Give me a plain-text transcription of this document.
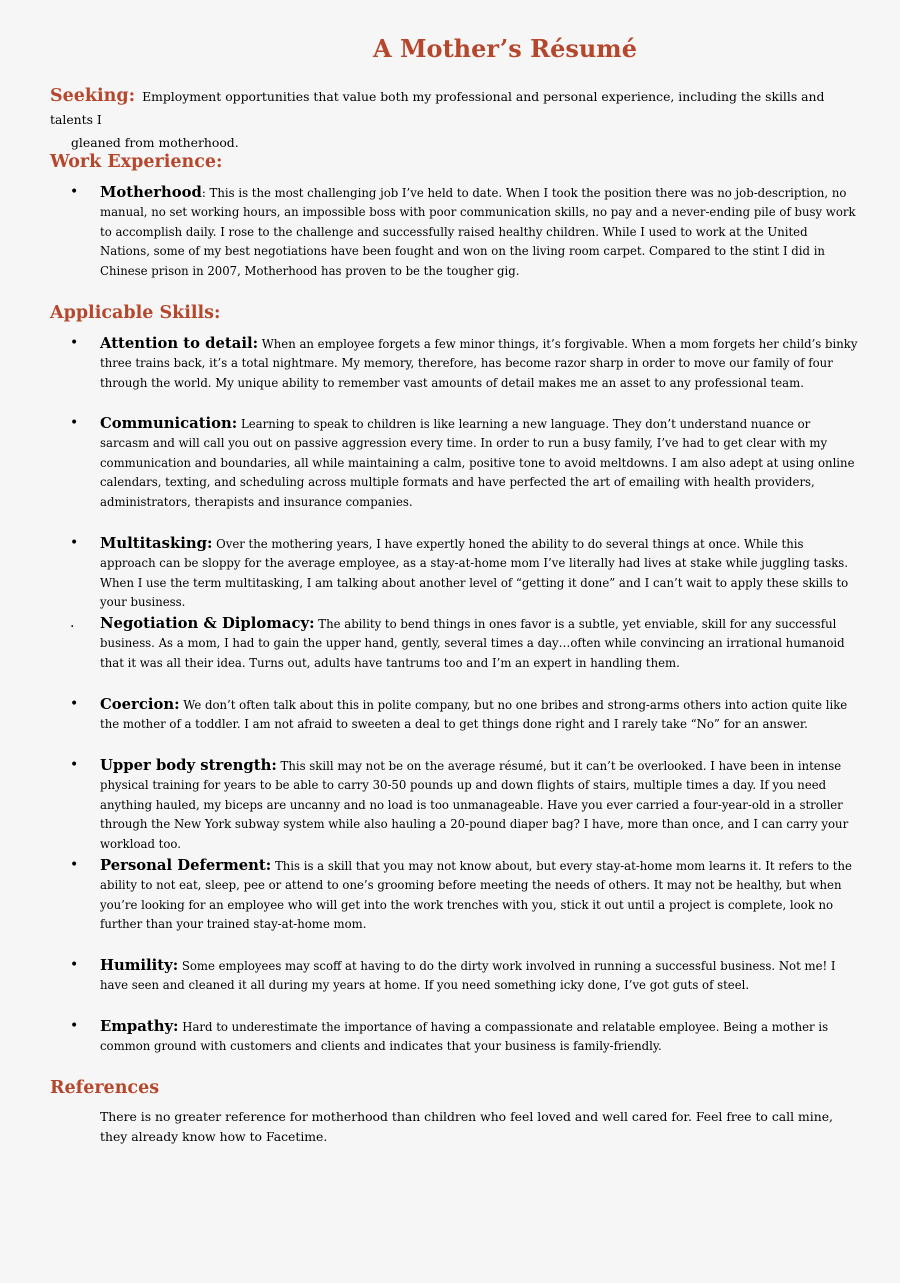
A Mother’s Résumé

Seeking: Employment opportunities that value both my professional and personal experience, including the skills and talents I
gleaned from motherhood.

Work Experience:

• Motherhood: This is the most challenging job I’ve held to date. When I took the position there was no job-description, no manual, no set working hours, an impossible boss with poor communication skills, no pay and a never-ending pile of busy work to accomplish daily. I rose to the challenge and successfully raised healthy children. While I used to work at the United Nations, some of my best negotiations have been fought and won on the living room carpet. Compared to the stint I did in Chinese prison in 2007, Motherhood has proven to be the tougher gig.

Applicable Skills:

• Attention to detail: When an employee forgets a few minor things, it’s forgivable. When a mom forgets her child’s binky three trains back, it’s a total nightmare. My memory, therefore, has become razor sharp in order to move our family of four through the world. My unique ability to remember vast amounts of detail makes me an asset to any professional team.

• Communication: Learning to speak to children is like learning a new language. They don’t understand nuance or sarcasm and will call you out on passive aggression every time. In order to run a busy family, I’ve had to get clear with my communication and boundaries, all while maintaining a calm, positive tone to avoid meltdowns. I am also adept at using online calendars, texting, and scheduling across multiple formats and have perfected the art of emailing with health providers, administrators, therapists and insurance companies.

• Multitasking: Over the mothering years, I have expertly honed the ability to do several things at once. While this approach can be sloppy for the average employee, as a stay-at-home mom I’ve literally had lives at stake while juggling tasks. When I use the term multitasking, I am talking about another level of “getting it done” and I can’t wait to apply these skills to your business.

. Negotiation & Diplomacy: The ability to bend things in ones favor is a subtle, yet enviable, skill for any successful business. As a mom, I had to gain the upper hand, gently, several times a day…often while convincing an irrational humanoid that it was all their idea. Turns out, adults have tantrums too and I’m an expert in handling them.

• Coercion: We don’t often talk about this in polite company, but no one bribes and strong-arms others into action quite like the mother of a toddler. I am not afraid to sweeten a deal to get things done right and I rarely take “No” for an answer.

• Upper body strength: This skill may not be on the average résumé, but it can’t be overlooked. I have been in intense physical training for years to be able to carry 30-50 pounds up and down flights of stairs, multiple times a day. If you need anything hauled, my biceps are uncanny and no load is too unmanageable. Have you ever carried a four-year-old in a stroller through the New York subway system while also hauling a 20-pound diaper bag? I have, more than once, and I can carry your workload too.

• Personal Deferment: This is a skill that you may not know about, but every stay-at-home mom learns it. It refers to the ability to not eat, sleep, pee or attend to one’s grooming before meeting the needs of others. It may not be healthy, but when you’re looking for an employee who will get into the work trenches with you, stick it out until a project is complete, look no further than your trained stay-at-home mom.

• Humility: Some employees may scoff at having to do the dirty work involved in running a successful business. Not me! I have seen and cleaned it all during my years at home. If you need something icky done, I’ve got guts of steel.

• Empathy: Hard to underestimate the importance of having a compassionate and relatable employee. Being a mother is common ground with customers and clients and indicates that your business is family-friendly.

References

There is no greater reference for motherhood than children who feel loved and well cared for. Feel free to call mine, they already know how to Facetime.
